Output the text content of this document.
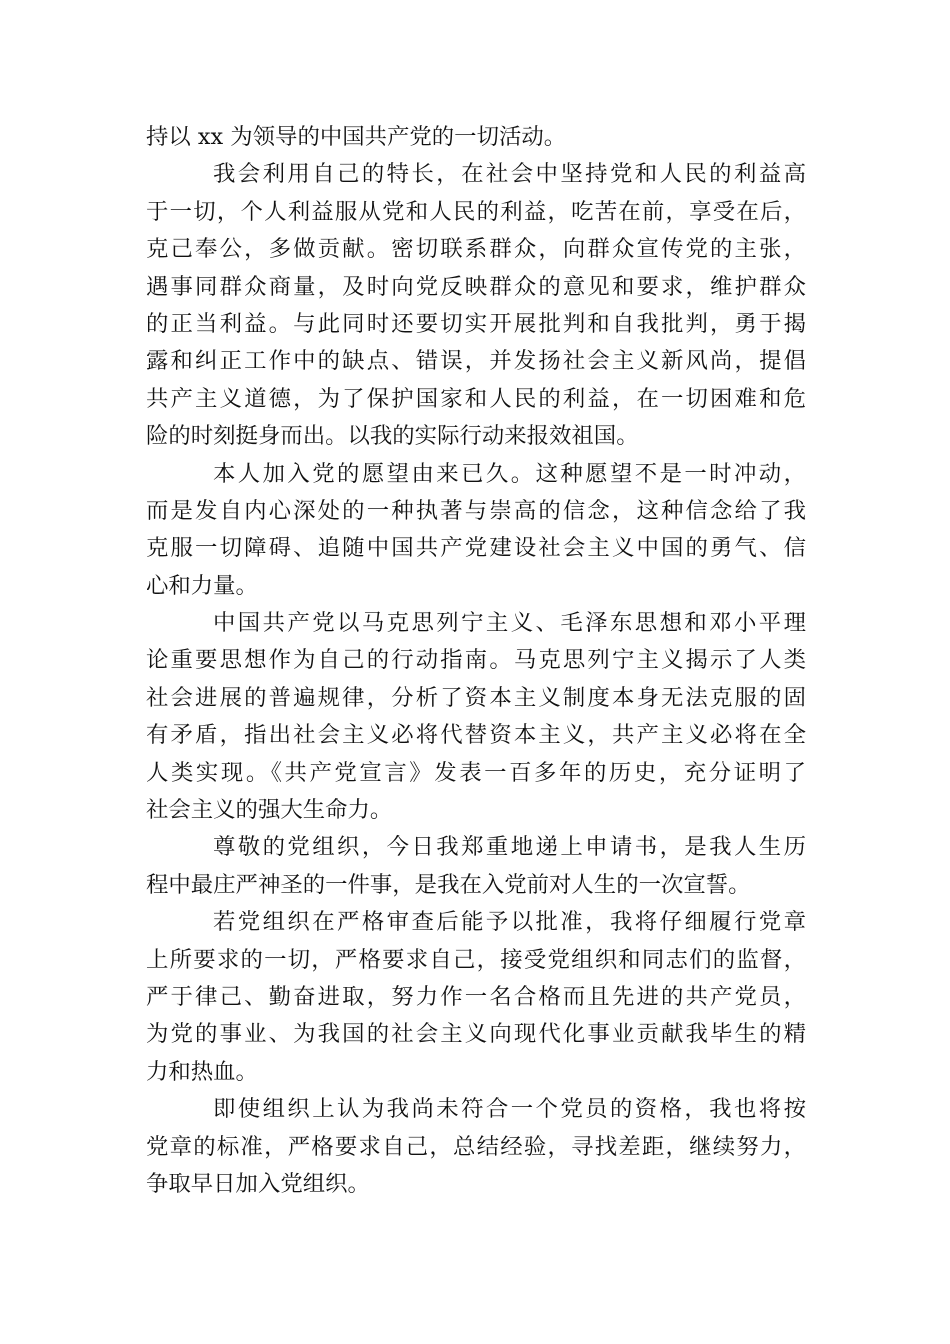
持以 xx 为领导的中国共产党的一切活动。
我会利用自己的特长，在社会中坚持党和人民的利益高
于一切，个人利益服从党和人民的利益，吃苦在前，享受在后，
克己奉公，多做贡献。密切联系群众，向群众宣传党的主张，
遇事同群众商量，及时向党反映群众的意见和要求，维护群众
的正当利益。与此同时还要切实开展批判和自我批判，勇于揭
露和纠正工作中的缺点、错误，并发扬社会主义新风尚，提倡
共产主义道德，为了保护国家和人民的利益，在一切困难和危
险的时刻挺身而出。以我的实际行动来报效祖国。
本人加入党的愿望由来已久。这种愿望不是一时冲动，
而是发自内心深处的一种执著与崇高的信念，这种信念给了我
克服一切障碍、追随中国共产党建设社会主义中国的勇气、信
心和力量。
中国共产党以马克思列宁主义、毛泽东思想和邓小平理
论重要思想作为自己的行动指南。马克思列宁主义揭示了人类
社会进展的普遍规律，分析了资本主义制度本身无法克服的固
有矛盾，指出社会主义必将代替资本主义，共产主义必将在全
人类实现。《共产党宣言》发表一百多年的历史，充分证明了
社会主义的强大生命力。
尊敬的党组织，今日我郑重地递上申请书，是我人生历
程中最庄严神圣的一件事，是我在入党前对人生的一次宣誓。
若党组织在严格审查后能予以批准，我将仔细履行党章
上所要求的一切，严格要求自己，接受党组织和同志们的监督，
严于律己、勤奋进取，努力作一名合格而且先进的共产党员，
为党的事业、为我国的社会主义向现代化事业贡献我毕生的精
力和热血。
即使组织上认为我尚未符合一个党员的资格，我也将按
党章的标准，严格要求自己，总结经验，寻找差距，继续努力，
争取早日加入党组织。
